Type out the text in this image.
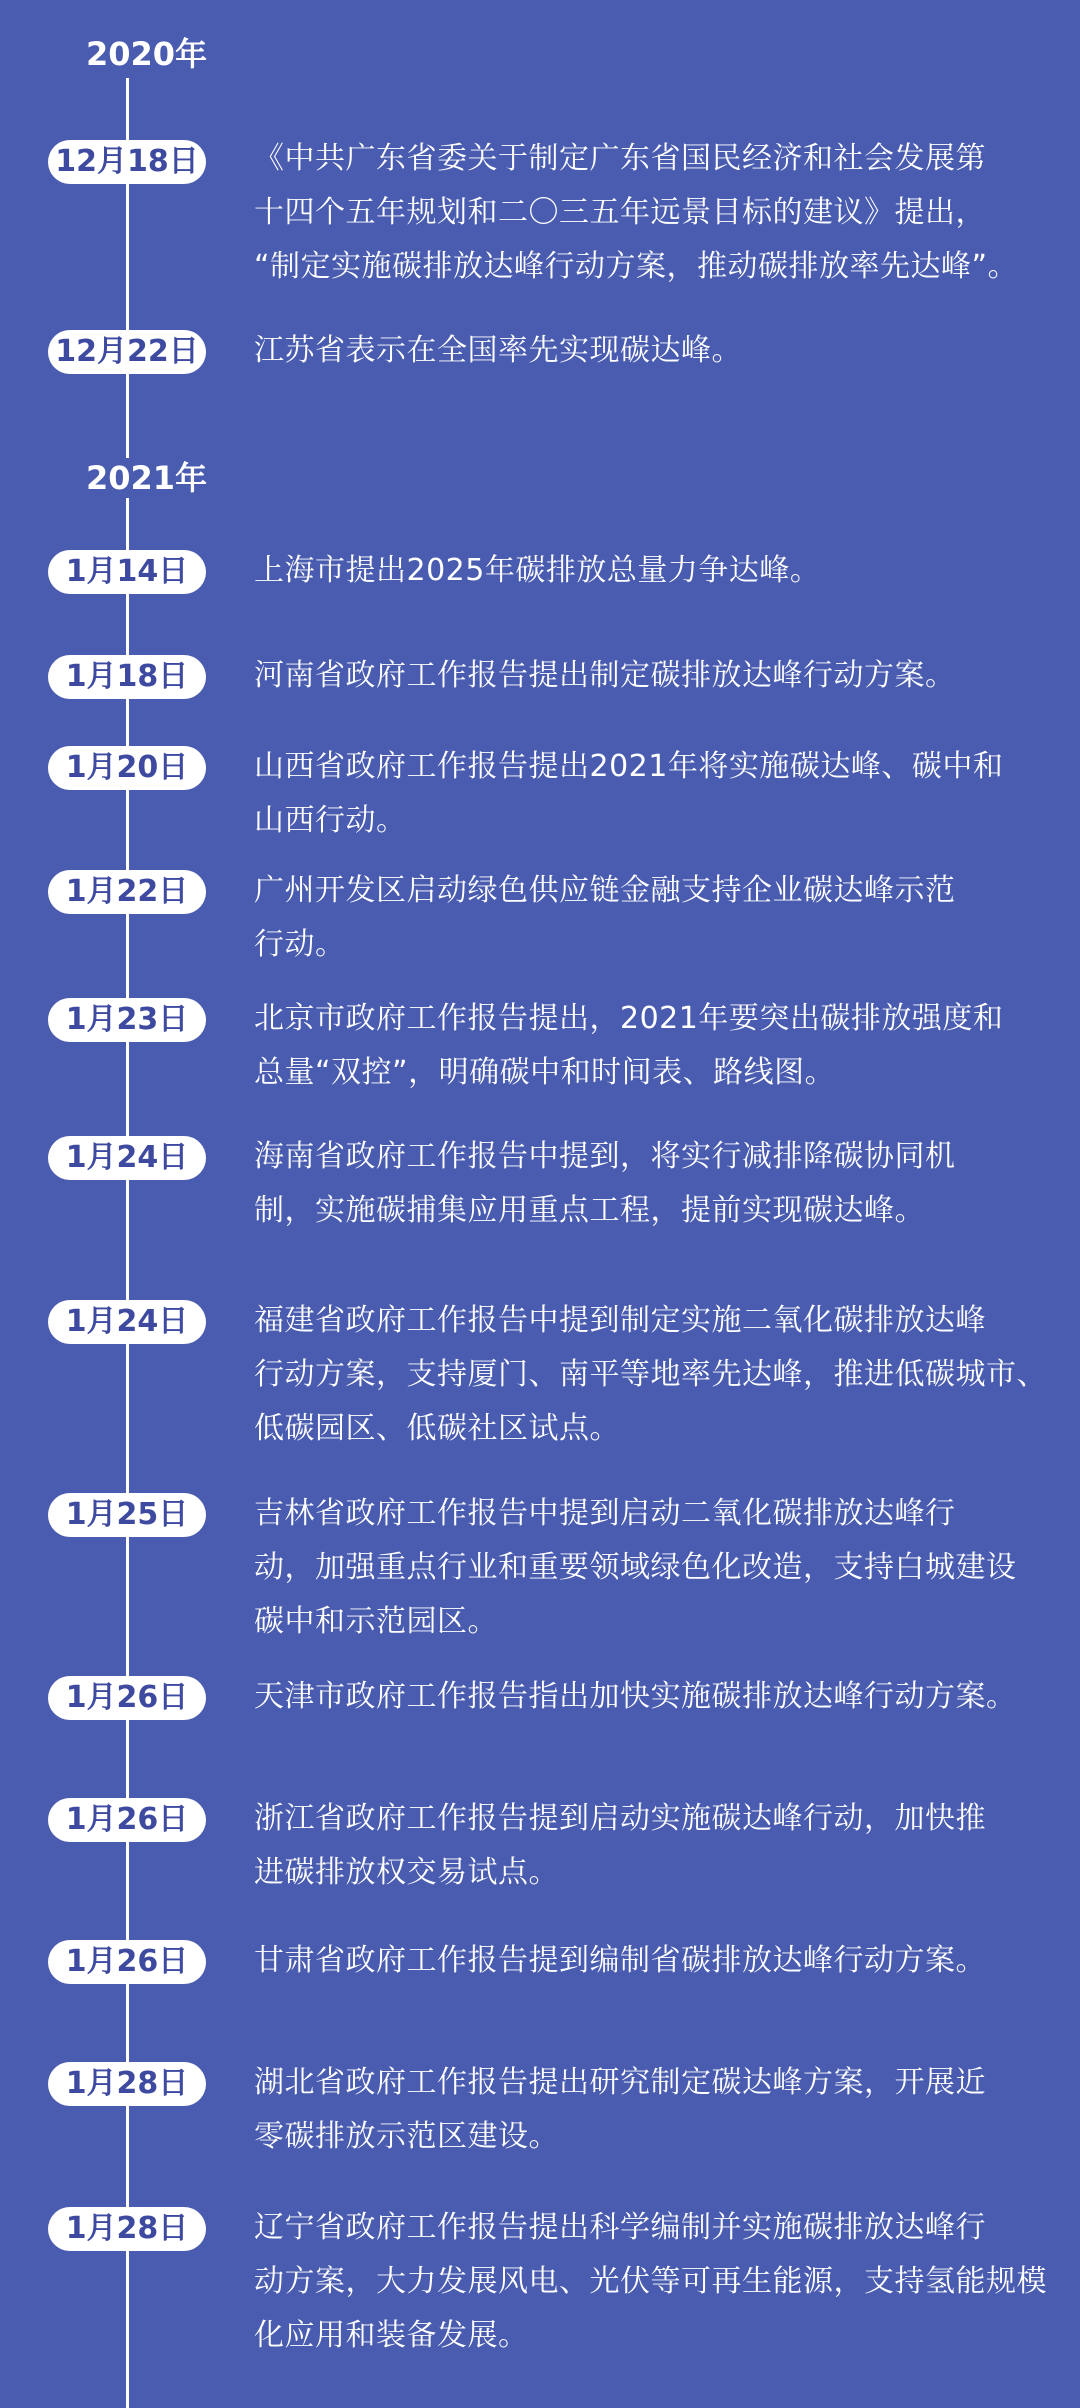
2020年
2021年
12月18日 《中共广东省委关于制定广东省国民经济和社会发展第
十四个五年规划和二〇三五年远景目标的建议》提出，
“制定实施碳排放达峰行动方案，推动碳排放率先达峰”。
12月22日 江苏省表示在全国率先实现碳达峰。
1月14日	上海市提出2025年碳排放总量力争达峰。
1月18日	河南省政府工作报告提出制定碳排放达峰行动方案。
1月20日	山西省政府工作报告提出2021年将实施碳达峰、碳中和
山西行动。
1月22日	广州开发区启动绿色供应链金融支持企业碳达峰示范
行动。
1月23日	北京市政府工作报告提出，2021年要突出碳排放强度和
总量“双控”，明确碳中和时间表、路线图。
1月24日	海南省政府工作报告中提到，将实行减排降碳协同机
制，实施碳捕集应用重点工程，提前实现碳达峰。
1月24日	福建省政府工作报告中提到制定实施二氧化碳排放达峰
行动方案，支持厦门、南平等地率先达峰，推进低碳城市、
低碳园区、低碳社区试点。
1月25日	吉林省政府工作报告中提到启动二氧化碳排放达峰行
动，加强重点行业和重要领域绿色化改造，支持白城建设
碳中和示范园区。
1月26日	天津市政府工作报告指出加快实施碳排放达峰行动方案。
1月26日	浙江省政府工作报告提到启动实施碳达峰行动，加快推
进碳排放权交易试点。
1月26日	甘肃省政府工作报告提到编制省碳排放达峰行动方案。
1月28日	湖北省政府工作报告提出研究制定碳达峰方案，开展近
零碳排放示范区建设。
1月28日	辽宁省政府工作报告提出科学编制并实施碳排放达峰行
动方案，大力发展风电、光伏等可再生能源，支持氢能规模
化应用和装备发展。
